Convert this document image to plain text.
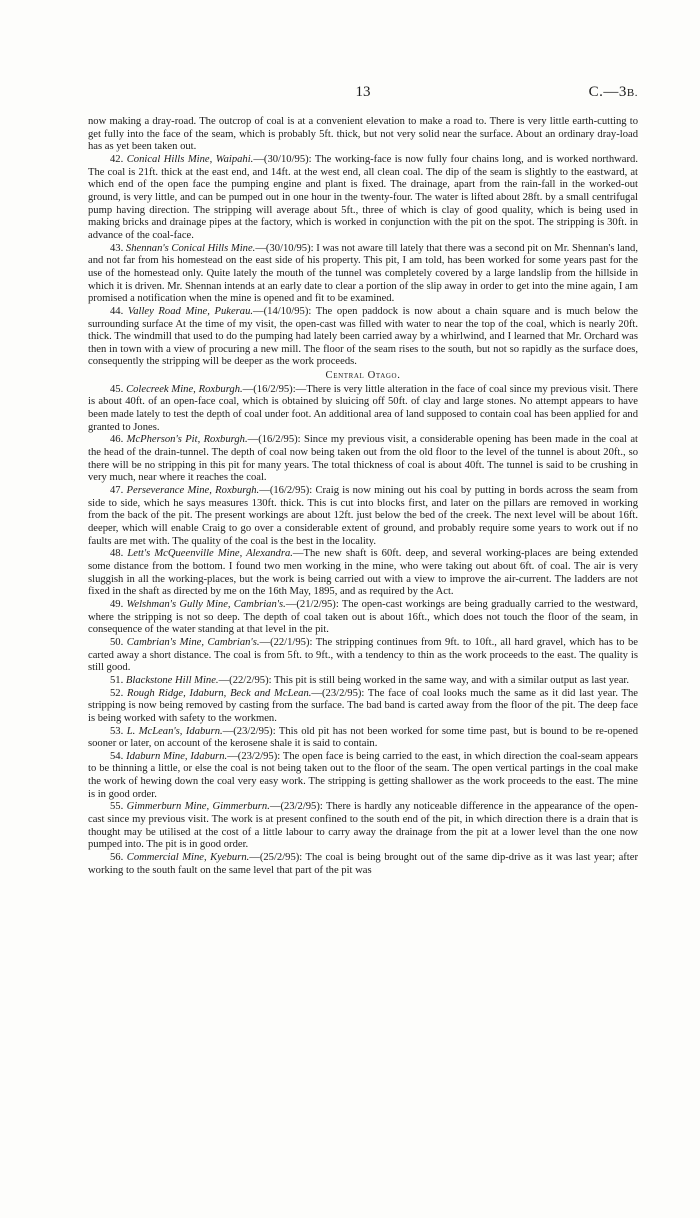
13	C.—3B.

now making a dray-road. The outcrop of coal is at a convenient elevation to make a road to. There is very little earth-cutting to get fully into the face of the seam, which is probably 5ft. thick, but not very solid near the surface. About an ordinary dray-load has as yet been taken out.

42. Conical Hills Mine, Waipahi.—(30/10/95): The working-face is now fully four chains long, and is worked northward. The coal is 21ft. thick at the east end, and 14ft. at the west end, all clean coal. The dip of the seam is slightly to the eastward, at which end of the open face the pumping engine and plant is fixed. The drainage, apart from the rain-fall in the worked-out ground, is very little, and can be pumped out in one hour in the twenty-four. The water is lifted about 28ft. by a small centrifugal pump having direction. The stripping will average about 5ft., three of which is clay of good quality, which is being used in making bricks and drainage pipes at the factory, which is worked in conjunction with the pit on the spot. The stripping is 30ft. in advance of the coal-face.

43. Shennan's Conical Hills Mine.—(30/10/95): I was not aware till lately that there was a second pit on Mr. Shennan's land, and not far from his homestead on the east side of his property. This pit, I am told, has been worked for some years past for the use of the homestead only. Quite lately the mouth of the tunnel was completely covered by a large landslip from the hillside in which it is driven. Mr. Shennan intends at an early date to clear a portion of the slip away in order to get into the mine again, I am promised a notification when the mine is opened and fit to be examined.

44. Valley Road Mine, Pukerau.—(14/10/95): The open paddock is now about a chain square and is much below the surrounding surface At the time of my visit, the open-cast was filled with water to near the top of the coal, which is nearly 20ft. thick. The windmill that used to do the pumping had lately been carried away by a whirlwind, and I learned that Mr. Orchard was then in town with a view of procuring a new mill. The floor of the seam rises to the south, but not so rapidly as the surface does, consequently the stripping will be deeper as the work proceeds.

Central Otago.

45. Colecreek Mine, Roxburgh.—(16/2/95):—There is very little alteration in the face of coal since my previous visit. There is about 40ft. of an open-face coal, which is obtained by sluicing off 50ft. of clay and large stones. No attempt appears to have been made lately to test the depth of coal under foot. An additional area of land supposed to contain coal has been applied for and granted to Jones.

46. McPherson's Pit, Roxburgh.—(16/2/95): Since my previous visit, a considerable opening has been made in the coal at the head of the drain-tunnel. The depth of coal now being taken out from the old floor to the level of the tunnel is about 20ft., so there will be no stripping in this pit for many years. The total thickness of coal is about 40ft. The tunnel is said to be crushing in very much, near where it reaches the coal.

47. Perseverance Mine, Roxburgh.—(16/2/95): Craig is now mining out his coal by putting in bords across the seam from side to side, which he says measures 130ft. thick. This is cut into blocks first, and later on the pillars are removed in working from the back of the pit. The present workings are about 12ft. just below the bed of the creek. The next level will be about 16ft. deeper, which will enable Craig to go over a considerable extent of ground, and probably require some years to work out if no faults are met with. The quality of the coal is the best in the locality.

48. Lett's McQueenville Mine, Alexandra.—The new shaft is 60ft. deep, and several working-places are being extended some distance from the bottom. I found two men working in the mine, who were taking out about 6ft. of coal. The air is very sluggish in all the working-places, but the work is being carried out with a view to improve the air-current. The ladders are not fixed in the shaft as directed by me on the 16th May, 1895, and as required by the Act.

49. Welshman's Gully Mine, Cambrian's.—(21/2/95): The open-cast workings are being gradually carried to the westward, where the stripping is not so deep. The depth of coal taken out is about 16ft., which does not touch the floor of the seam, in consequence of the water standing at that level in the pit.

50. Cambrian's Mine, Cambrian's.—(22/1/95): The stripping continues from 9ft. to 10ft., all hard gravel, which has to be carted away a short distance. The coal is from 5ft. to 9ft., with a tendency to thin as the work proceeds to the east. The quality is still good.

51. Blackstone Hill Mine.—(22/2/95): This pit is still being worked in the same way, and with a similar output as last year.

52. Rough Ridge, Idaburn, Beck and McLean.—(23/2/95): The face of coal looks much the same as it did last year. The stripping is now being removed by casting from the surface. The bad band is carted away from the floor of the pit. The deep face is being worked with safety to the workmen.

53. L. McLean's, Idaburn.—(23/2/95): This old pit has not been worked for some time past, but is bound to be re-opened sooner or later, on account of the kerosene shale it is said to contain.

54. Idaburn Mine, Idaburn.—(23/2/95): The open face is being carried to the east, in which direction the coal-seam appears to be thinning a little, or else the coal is not being taken out to the floor of the seam. The open vertical partings in the coal make the work of hewing down the coal very easy work. The stripping is getting shallower as the work proceeds to the east. The mine is in good order.

55. Gimmerburn Mine, Gimmerburn.—(23/2/95): There is hardly any noticeable difference in the appearance of the open-cast since my previous visit. The work is at present confined to the south end of the pit, in which direction there is a drain that is thought may be utilised at the cost of a little labour to carry away the drainage from the pit at a lower level than the one now pumped into. The pit is in good order.

56. Commercial Mine, Kyeburn.—(25/2/95): The coal is being brought out of the same dip-drive as it was last year; after working to the south fault on the same level that part of the pit was
